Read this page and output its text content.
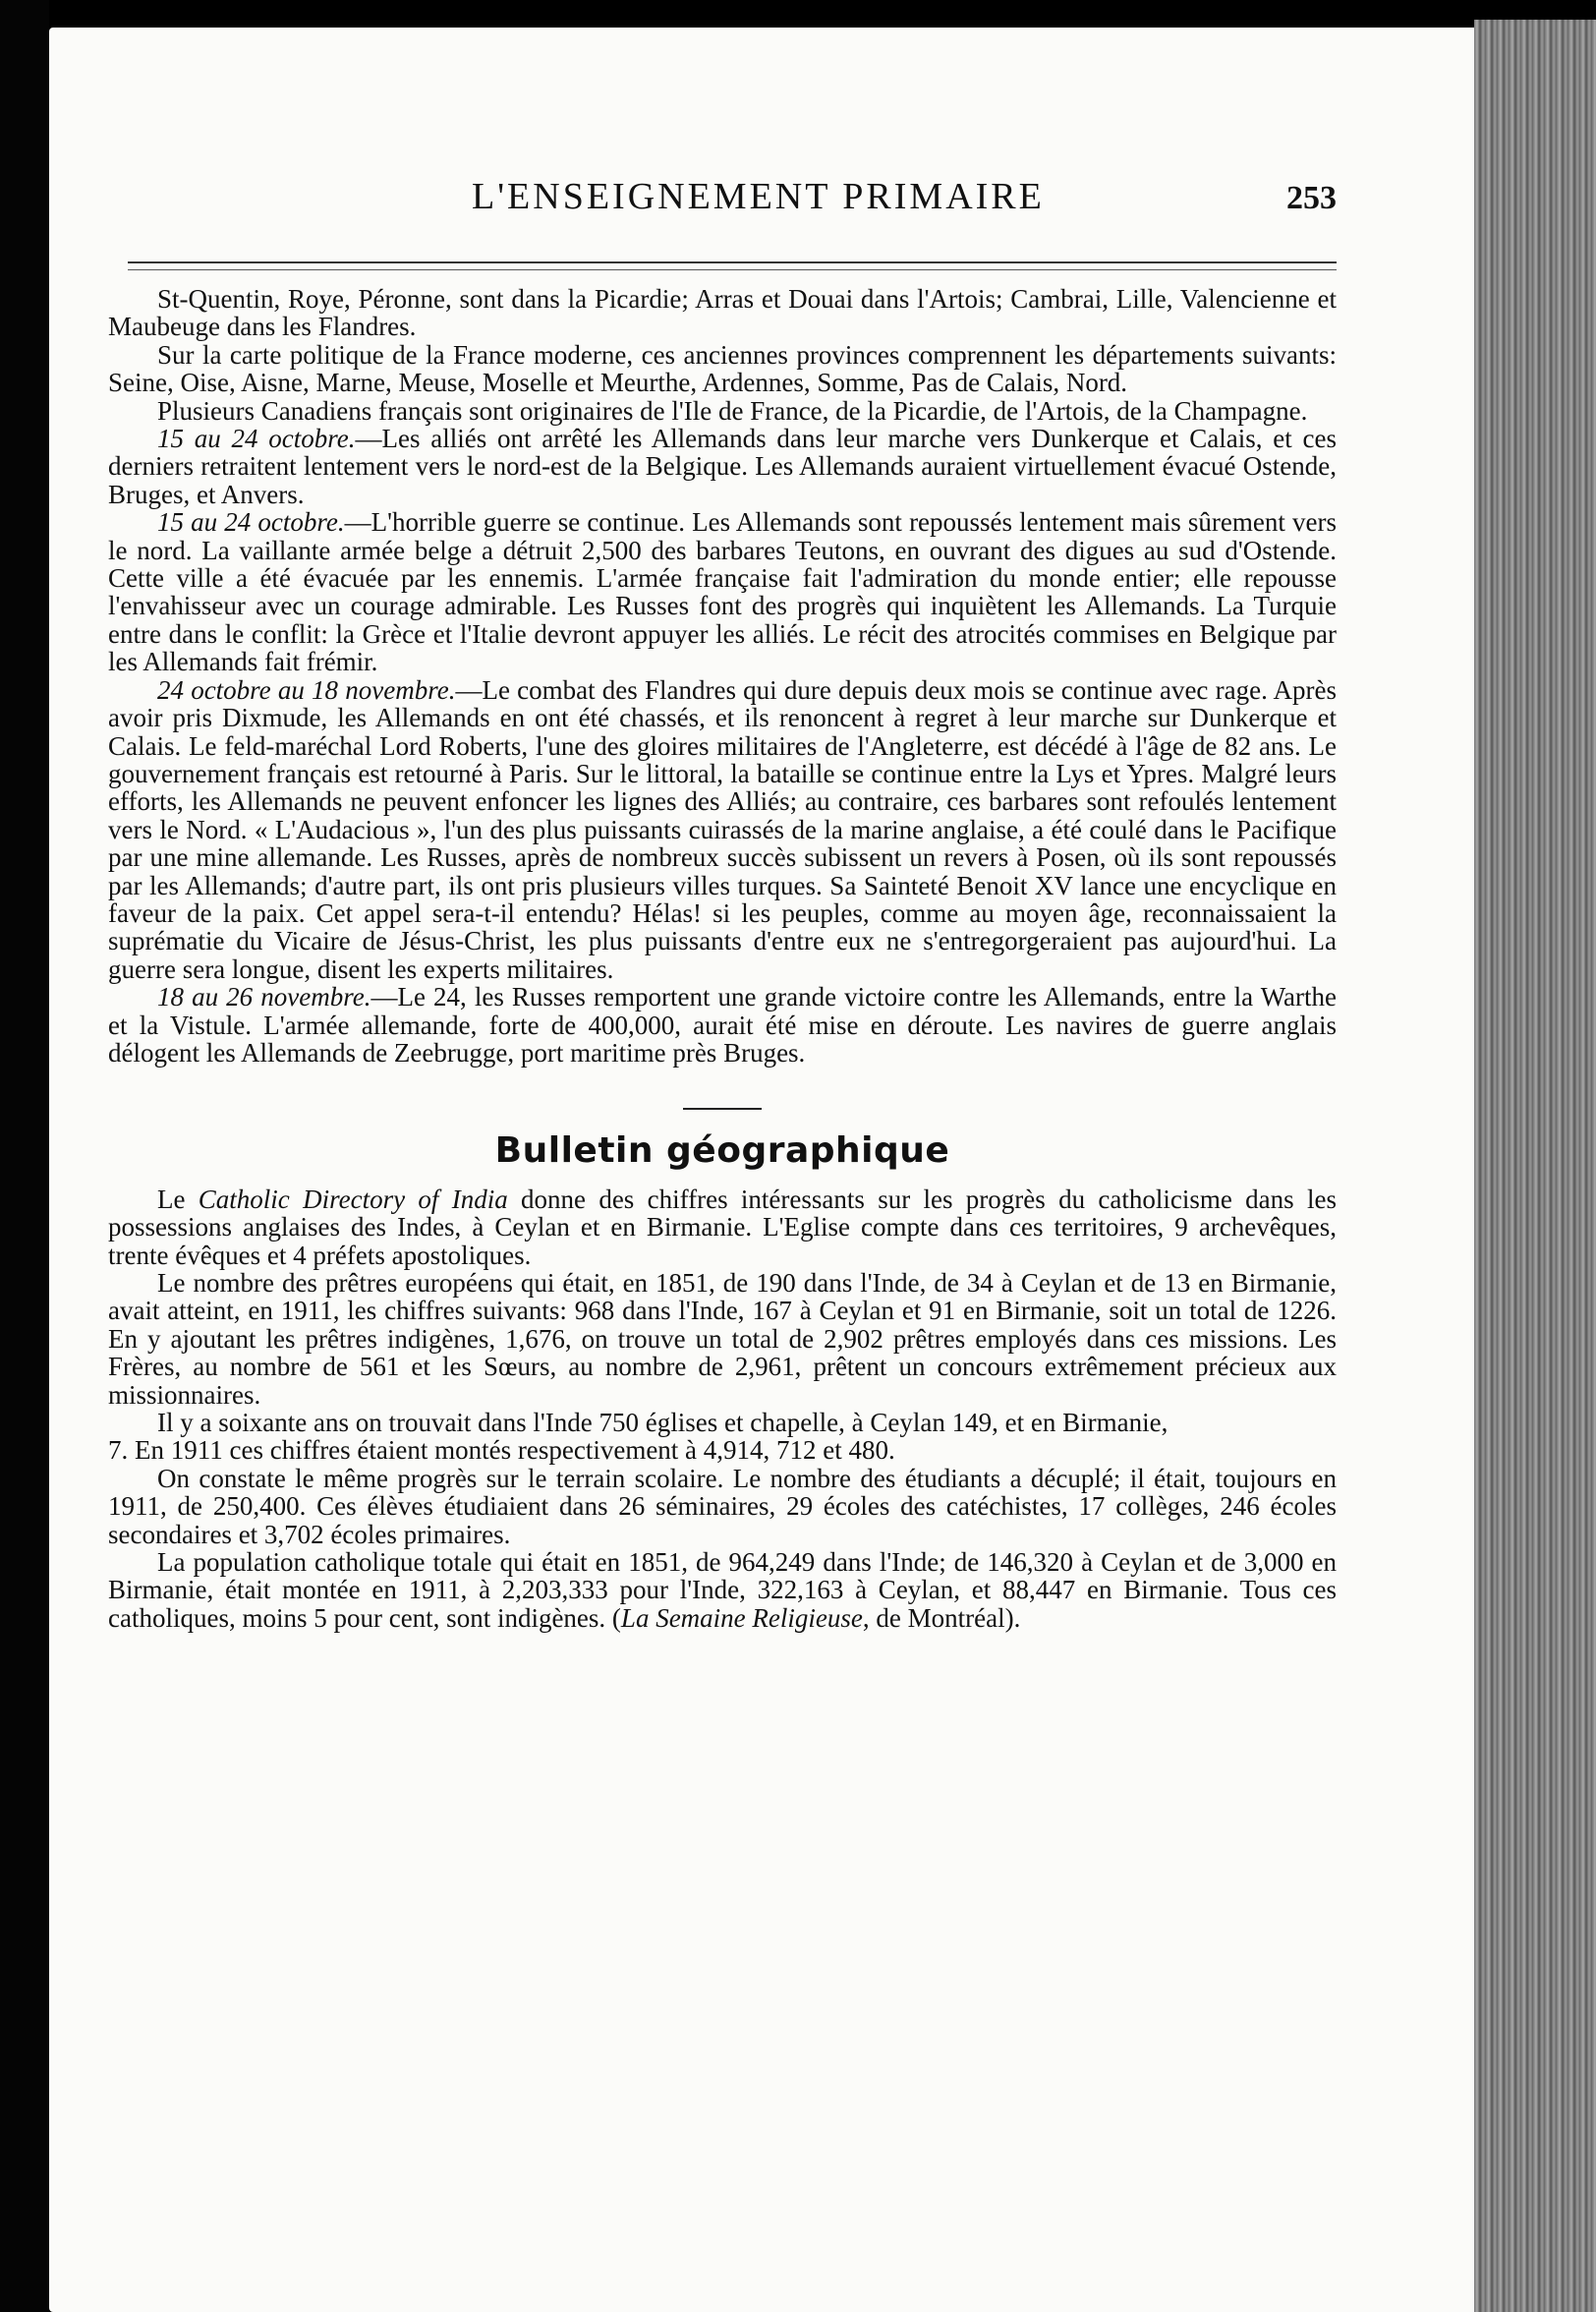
L'ENSEIGNEMENT PRIMAIRE	253

St-Quentin, Roye, Péronne, sont dans la Picardie; Arras et Douai dans l'Artois; Cambrai, Lille, Valencienne et Maubeuge dans les Flandres.

Sur la carte politique de la France moderne, ces anciennes provinces comprennent les départements suivants: Seine, Oise, Aisne, Marne, Meuse, Moselle et Meurthe, Ardennes, Somme, Pas de Calais, Nord.

Plusieurs Canadiens français sont originaires de l'Ile de France, de la Picardie, de l'Artois, de la Champagne.

15 au 24 octobre.—Les alliés ont arrêté les Allemands dans leur marche vers Dunkerque et Calais, et ces derniers retraitent lentement vers le nord-est de la Belgique. Les Allemands auraient virtuellement évacué Ostende, Bruges, et Anvers.

15 au 24 octobre.—L'horrible guerre se continue. Les Allemands sont repoussés lentement mais sûrement vers le nord. La vaillante armée belge a détruit 2,500 des barbares Teutons, en ouvrant des digues au sud d'Ostende. Cette ville a été évacuée par les ennemis. L'armée française fait l'admiration du monde entier; elle repousse l'envahisseur avec un courage admirable. Les Russes font des progrès qui inquiètent les Allemands. La Turquie entre dans le conflit: la Grèce et l'Italie devront appuyer les alliés. Le récit des atrocités commises en Belgique par les Allemands fait frémir.

24 octobre au 18 novembre.—Le combat des Flandres qui dure depuis deux mois se continue avec rage. Après avoir pris Dixmude, les Allemands en ont été chassés, et ils renoncent à regret à leur marche sur Dunkerque et Calais. Le feld-maréchal Lord Roberts, l'une des gloires militaires de l'Angleterre, est décédé à l'âge de 82 ans. Le gouvernement français est retourné à Paris. Sur le littoral, la bataille se continue entre la Lys et Ypres. Malgré leurs efforts, les Allemands ne peuvent enfoncer les lignes des Alliés; au contraire, ces barbares sont refoulés lentement vers le Nord. « L'Audacious », l'un des plus puissants cuirassés de la marine anglaise, a été coulé dans le Pacifique par une mine allemande. Les Russes, après de nombreux succès subissent un revers à Posen, où ils sont repoussés par les Allemands; d'autre part, ils ont pris plusieurs villes turques. Sa Sainteté Benoit XV lance une encyclique en faveur de la paix. Cet appel sera-t-il entendu? Hélas! si les peuples, comme au moyen âge, reconnaissaient la suprématie du Vicaire de Jésus-Christ, les plus puissants d'entre eux ne s'entregorgeraient pas aujourd'hui. La guerre sera longue, disent les experts militaires.

18 au 26 novembre.—Le 24, les Russes remportent une grande victoire contre les Allemands, entre la Warthe et la Vistule. L'armée allemande, forte de 400,000, aurait été mise en déroute. Les navires de guerre anglais délogent les Allemands de Zeebrugge, port maritime près Bruges.

Bulletin géographique

Le Catholic Directory of India donne des chiffres intéressants sur les progrès du catholicisme dans les possessions anglaises des Indes, à Ceylan et en Birmanie. L'Eglise compte dans ces territoires, 9 archevêques, trente évêques et 4 préfets apostoliques.

Le nombre des prêtres européens qui était, en 1851, de 190 dans l'Inde, de 34 à Ceylan et de 13 en Birmanie, avait atteint, en 1911, les chiffres suivants: 968 dans l'Inde, 167 à Ceylan et 91 en Birmanie, soit un total de 1226. En y ajoutant les prêtres indigènes, 1,676, on trouve un total de 2,902 prêtres employés dans ces missions. Les Frères, au nombre de 561 et les Sœurs, au nombre de 2,961, prêtent un concours extrêmement précieux aux missionnaires.

Il y a soixante ans on trouvait dans l'Inde 750 églises et chapelle, à Ceylan 149, et en Birmanie,

7. En 1911 ces chiffres étaient montés respectivement à 4,914, 712 et 480.

On constate le même progrès sur le terrain scolaire. Le nombre des étudiants a décuplé; il était, toujours en 1911, de 250,400. Ces élèves étudiaient dans 26 séminaires, 29 écoles des catéchistes, 17 collèges, 246 écoles secondaires et 3,702 écoles primaires.

La population catholique totale qui était en 1851, de 964,249 dans l'Inde; de 146,320 à Ceylan et de 3,000 en Birmanie, était montée en 1911, à 2,203,333 pour l'Inde, 322,163 à Ceylan, et 88,447 en Birmanie. Tous ces catholiques, moins 5 pour cent, sont indigènes. (La Semaine Religieuse, de Montréal).
